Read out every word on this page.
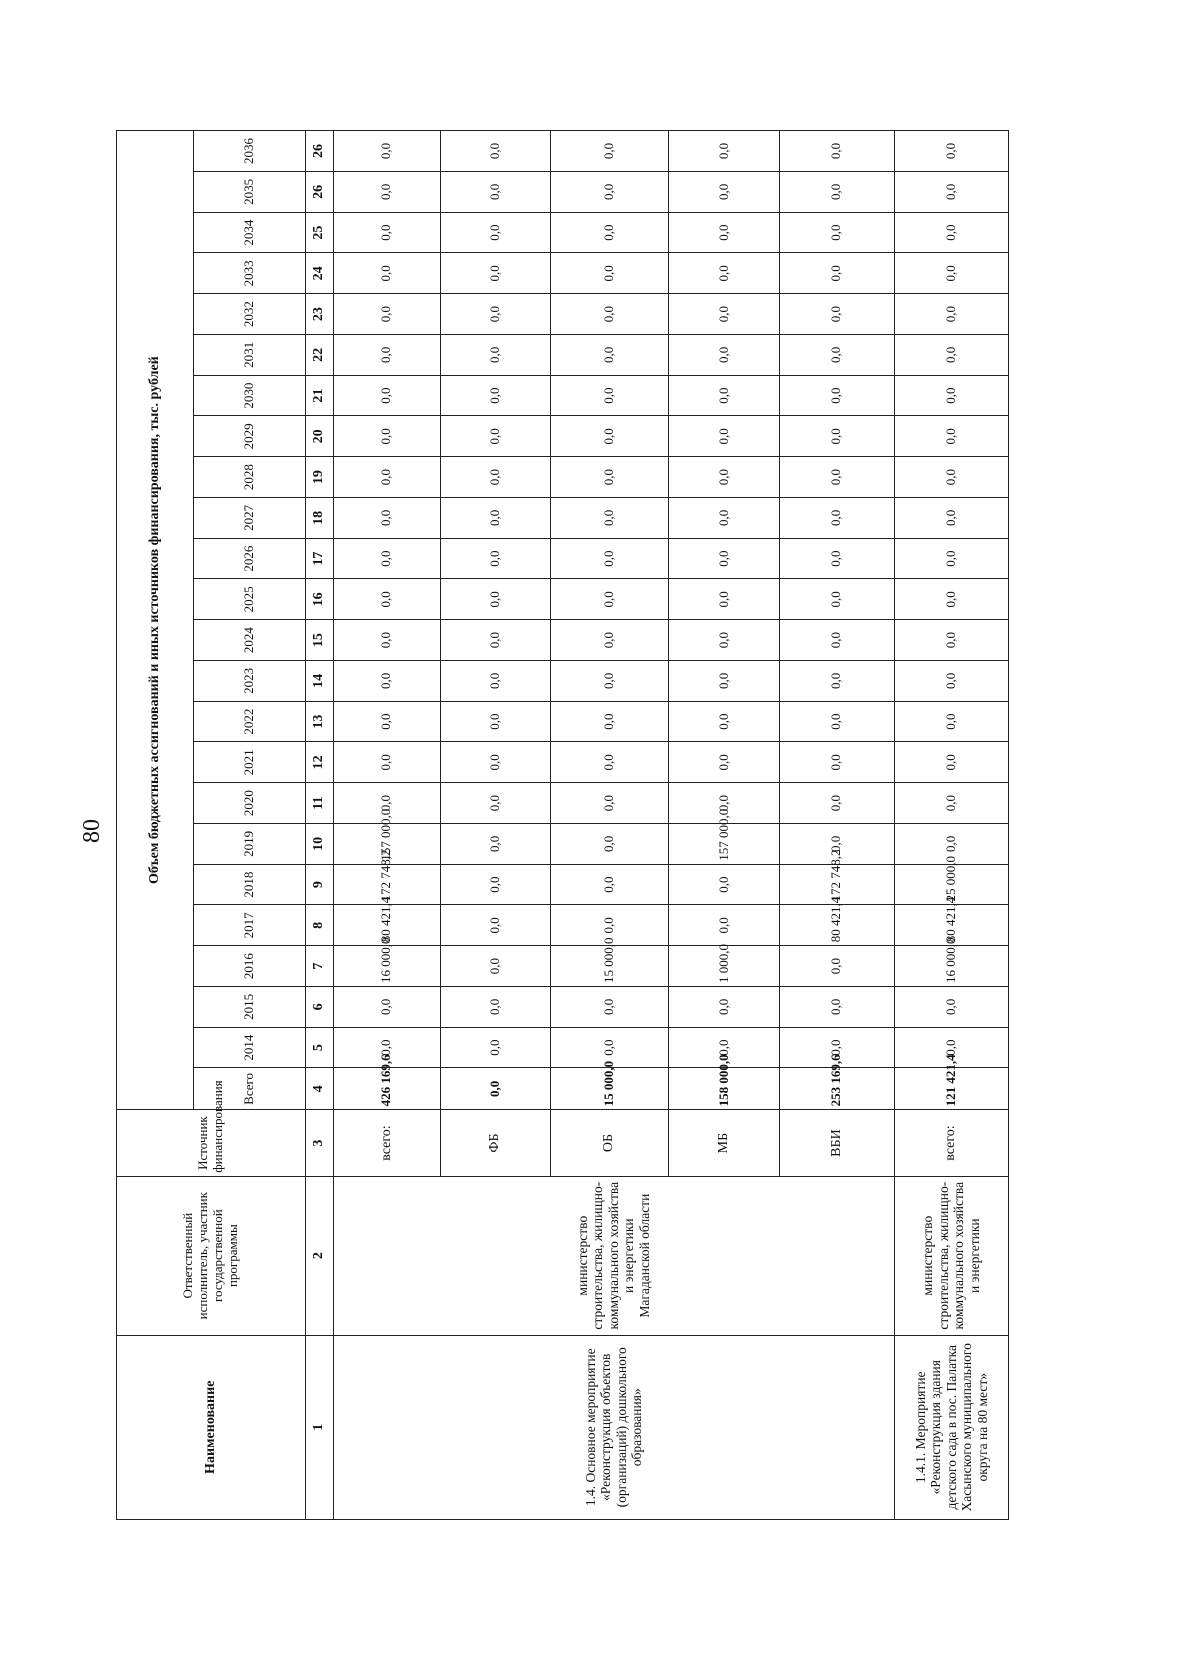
80
Наименование	Ответственный исполнитель, участник государственной программы	Источник финансирования	Объем бюджетных ассигнований и иных источников финансирования, тыс. рублей																							
			Всего	2014	2015	2016	2017	2018	2019	2020	2021	2022	2023	2024	2025	2026	2027	2028	2029	2030	2031	2032	2033	2034	2035	2036
1	2	3	4	5	6	7	8	9	10	11	12	13	14	15	16	17	18	19	20	21	22	23	24	25	26	26
1.4. Основное мероприятие «Реконструкция объектов (организаций) дошкольного образования»	министерство строительства, жилищно-коммунального хозяйства и энергетики Магаданской области	всего:	426 169,6	0,0	0,0	16 000,0	80 421,4	172 748,2	157 000,0	0,0	0,0	0,0	0,0	0,0	0,0	0,0	0,0	0,0	0,0	0,0	0,0	0,0	0,0	0,0	0,0	0,0
		ФБ	0,0	0,0	0,0	0,0	0,0	0,0	0,0	0,0	0,0	0,0	0,0	0,0	0,0	0,0	0,0	0,0	0,0	0,0	0,0	0,0	0,0	0,0	0,0	0,0
		ОБ	15 000,0	0,0	0,0	15 000,0	0,0	0,0	0,0	0,0	0,0	0,0	0,0	0,0	0,0	0,0	0,0	0,0	0,0	0,0	0,0	0,0	0,0	0,0	0,0	0,0
		МБ	158 000,0	0,0	0,0	1 000,0	0,0	0,0	157 000,0	0,0	0,0	0,0	0,0	0,0	0,0	0,0	0,0	0,0	0,0	0,0	0,0	0,0	0,0	0,0	0,0	0,0
		ВБИ	253 169,6	0,0	0,0	0,0	80 421,4	172 748,2	0,0	0,0	0,0	0,0	0,0	0,0	0,0	0,0	0,0	0,0	0,0	0,0	0,0	0,0	0,0	0,0	0,0	0,0
1.4.1. Мероприятие «Реконструкция здания детского сада в пос. Палатка Хасынского муниципального округа на 80 мест»	министерство строительства, жилищно-коммунального хозяйства и энергетики	всего:	121 421,4	0,0	0,0	16 000,0	80 421,4	25 000,0	0,0	0,0	0,0	0,0	0,0	0,0	0,0	0,0	0,0	0,0	0,0	0,0	0,0	0,0	0,0	0,0	0,0	0,0
